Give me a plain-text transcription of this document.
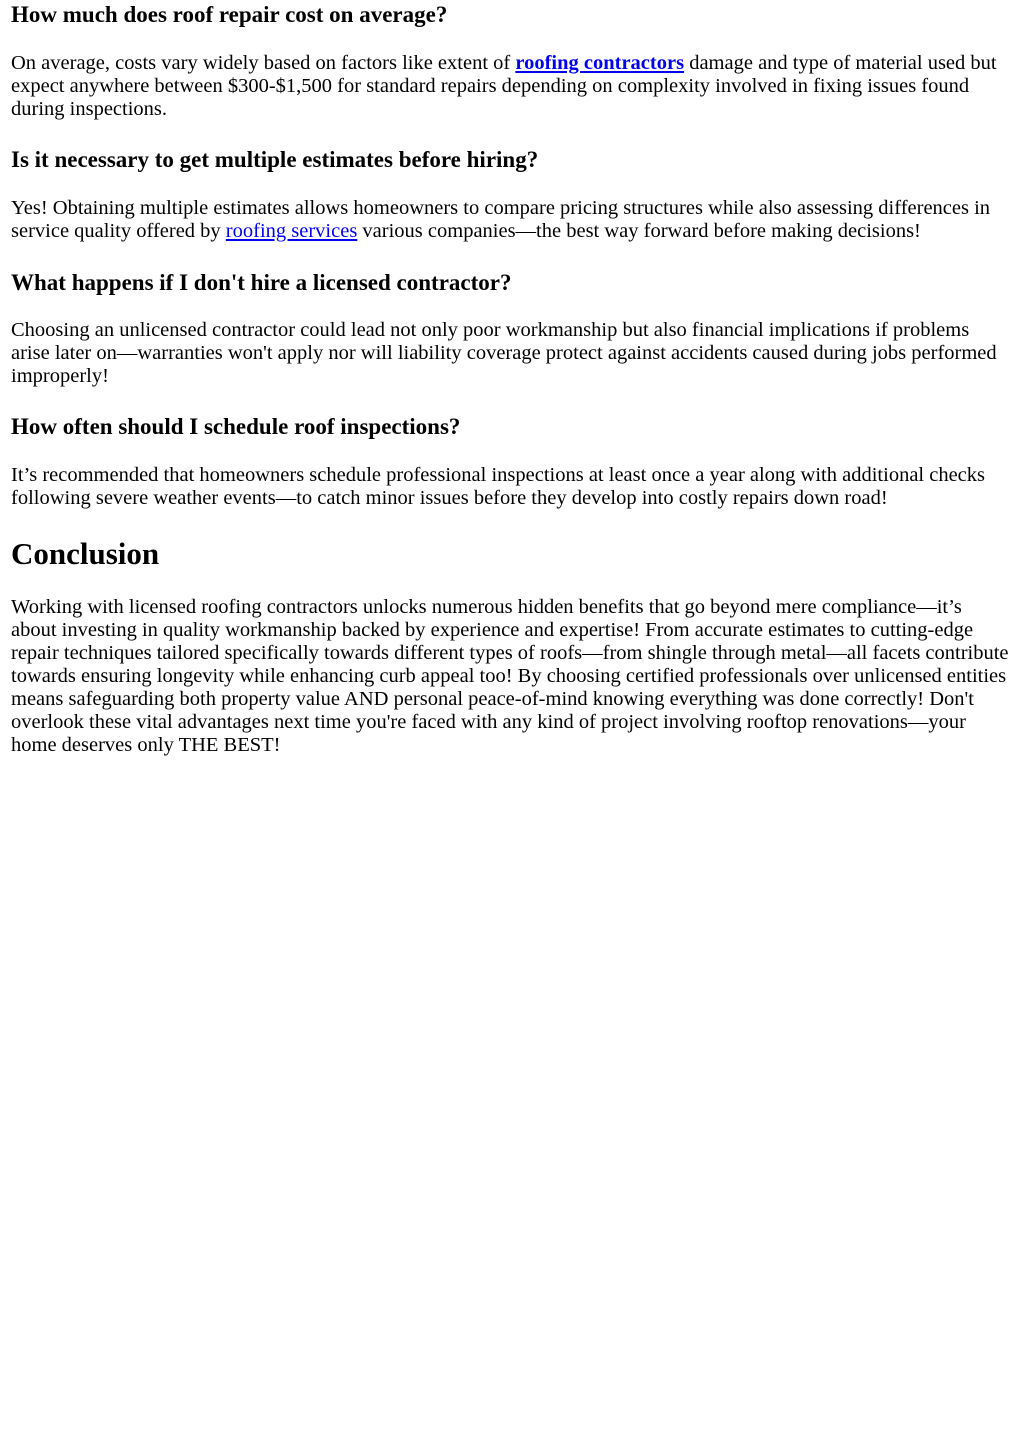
How much does roof repair cost on average?

On average, costs vary widely based on factors like extent of roofing contractors damage and type of material used but expect anywhere between $300-$1,500 for standard repairs depending on complexity involved in fixing issues found during inspections.

Is it necessary to get multiple estimates before hiring?

Yes! Obtaining multiple estimates allows homeowners to compare pricing structures while also assessing differences in service quality offered by roofing services various companies—the best way forward before making decisions!

What happens if I don't hire a licensed contractor?

Choosing an unlicensed contractor could lead not only poor workmanship but also financial implications if problems arise later on—warranties won't apply nor will liability coverage protect against accidents caused during jobs performed improperly!

How often should I schedule roof inspections?

It’s recommended that homeowners schedule professional inspections at least once a year along with additional checks following severe weather events—to catch minor issues before they develop into costly repairs down road!

Conclusion

Working with licensed roofing contractors unlocks numerous hidden benefits that go beyond mere compliance—it’s about investing in quality workmanship backed by experience and expertise! From accurate estimates to cutting-edge repair techniques tailored specifically towards different types of roofs—from shingle through metal—all facets contribute towards ensuring longevity while enhancing curb appeal too! By choosing certified professionals over unlicensed entities means safeguarding both property value AND personal peace-of-mind knowing everything was done correctly! Don't overlook these vital advantages next time you're faced with any kind of project involving rooftop renovations—your home deserves only THE BEST!
